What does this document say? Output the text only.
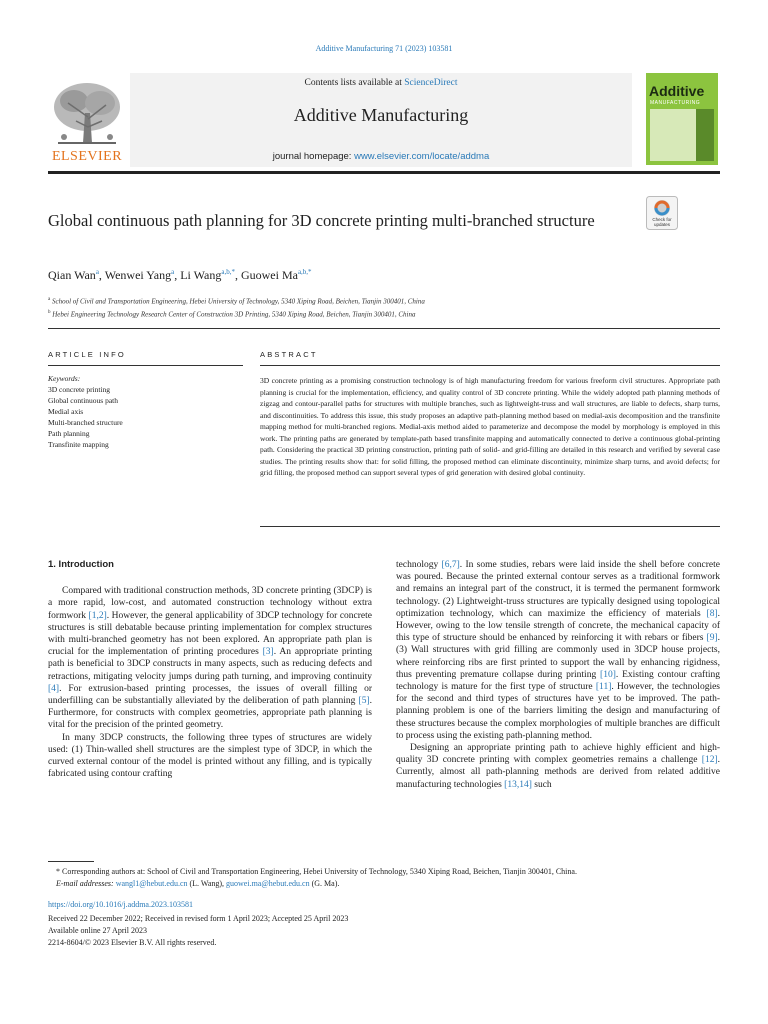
Additive Manufacturing 71 (2023) 103581
Contents lists available at ScienceDirect
Additive Manufacturing
journal homepage: www.elsevier.com/locate/addma
ELSEVIER
Additive
MANUFACTURING
Global continuous path planning for 3D concrete printing multi-branched structure	Check for
updates
Qian Wan$^a$, Wenwei Yang$^a$, Li Wang$^{a,b,*}$, Guowei $Ma^{a,b,*}$
$^a$ School of Civil and Transportation Engineering, Hebei University of Technology, 5340 Xiping Road, Beichen, Tianjin 300401, China
$^b$ Hebei Engineering Technology Research Center of Construction 3D Printing, 5340 Xiping Road, Beichen, Tianjin 300401, China
ARTICLE INFO	ABSTRACT
Keywords:
3D concrete printing
Global continuous path
Medial axis
Multi-branched structure
Path planning
Transfinite mapping
3D concrete printing as a promising construction technology is of high manufacturing freedom for various freeform civil structures. Appropriate path planning is crucial for the implementation, efficiency, and quality control of 3D concrete printing. While the widely adopted path planning methods of zigzag and contour-parallel paths for structures with multiple branches, such as lightweight-truss and wall structures, are liable to defects, sharp turns, and discontinuities. To address this issue, this study proposes an adaptive path-planning method based on medial-axis decomposition and the transfinite mapping method for multi-branched regions. Medial-axis method aided to parameterize and decompose the model by morphology is employed in this work. The printing paths are generated by template-path based transfinite mapping and automatically connected to derive a continuous global-printing path. Considering the practical 3D printing construction, printing path of solid- and grid-filling are detailed in this research and verified by several case studies. The printing results show that: for solid filling, the proposed method can eliminate discontinuity, minimize sharp turns, and avoid defects; for grid filling, the proposed method can support several types of grid generation with desired global continuity.
1. Introduction

Compared with traditional construction methods, 3D concrete printing (3DCP) is a more rapid, low-cost, and automated construction technology without extra formwork [1,2]. However, the general applicability of 3DCP technology for concrete structures is still debatable because printing implementation for complex structures with multi-branched geometry has not been explored. An appropriate path plan is crucial for the implementation of printing procedures [3]. An appropriate printing path is beneficial to 3DCP constructs in many aspects, such as reducing defects and retractions, mitigating velocity jumps during path turning, and improving continuity [4]. For extrusion-based printing processes, the issues of overall filling or underfilling can be substantially alleviated by the deliberation of path planning [5]. Furthermore, for constructs with complex geometries, appropriate path planning is vital for the precision of the printed geometry.

In many 3DCP constructs, the following three types of structures are widely used: (1) Thin-walled shell structures are the simplest type of 3DCP, in which the curved external contour of the model is printed without any filling, and is typically fabricated using contour crafting

technology [6,7]. In some studies, rebars were laid inside the shell before concrete was poured. Because the printed external contour serves as a traditional formwork and remains an integral part of the construct, it is termed the permanent formwork technology. (2) Lightweight-truss structures are typically designed using topological optimization technology, which can maximize the efficiency of materials [8]. However, owing to the low tensile strength of concrete, the mechanical capacity of this type of structure should be enhanced by reinforcing it with rebars or fibers [9]. (3) Wall structures with grid filling are commonly used in 3DCP house projects, where reinforcing ribs are first printed to support the wall by enhancing rigidness, thus preventing premature collapse during printing [10]. Existing contour crafting technology is mature for the first type of structure [11]. However, the technologies for the second and third types of structures have yet to be improved. The path-planning problem is one of the barriers limiting the design and manufacturing of these structures because the complex morphologies of multiple branches are difficult to process using the existing path-planning method.

Designing an appropriate printing path to achieve highly efficient and high-quality 3D concrete printing with complex geometries remains a challenge [12]. Currently, almost all path-planning methods are derived from related additive manufacturing technologies [13,14] such

* Corresponding authors at: School of Civil and Transportation Engineering, Hebei University of Technology, 5340 Xiping Road, Beichen, Tianjin 300401, China.
E-mail addresses: wangl1@hebut.edu.cn (L. Wang), guowei.ma@hebut.edu.cn (G. Ma).
https://doi.org/10.1016/j.addma.2023.103581
Received 22 December 2022; Received in revised form 1 April 2023; Accepted 25 April 2023
Available online 27 April 2023
2214-8604/© 2023 Elsevier B.V. All rights reserved.
